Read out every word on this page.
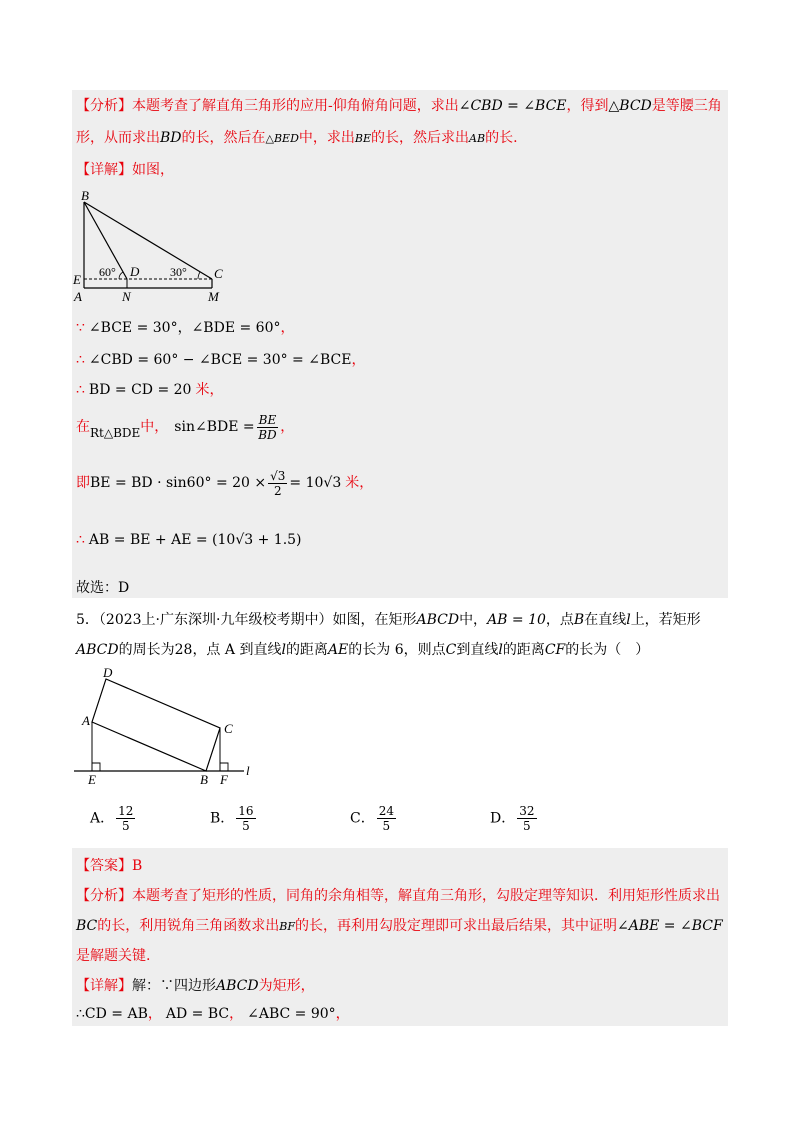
【分析】本题考查了解直角三角形的应用-仰角俯角问题，求出∠CBD = ∠BCE，得到△BCD是等腰三角
形，从而求出BD的长，然后在△BED中，求出BE的长，然后求出AB的长.
【详解】如图，
B
E
A
60° D	30° C
N	M
∵ ∠BCE = 30°，∠BDE = 60°，
∴ ∠CBD = 60° − ∠BCE = 30° = ∠BCE，
∴ BD = CD = 20 米，
在Rt△BDE中， sin∠BDE = $\frac{BE}{BD}$ ，
即BE = BD · $\sin 60^\circ = 20 \times \frac{√3}{2} = 10√3$ 米，
∴ AB = BE + AE = (10√3 + 1.5)
故选：D
5．（2023上·广东深圳·九年级校考期中）如图，在矩形ABCD中，AB = 10，点B在直线l上，若矩形
ABCD的周长为28，点 A 到直线l的距离AE的长为 6，则点C到直线l的距离CF的长为（　）
D
A
C
E	B F
l
A． $\frac{12}{5}$	B． $\frac{16}{5}$	C． $\frac{24}{5}$	D． $\frac{32}{5}$
【答案】B
【分析】本题考查了矩形的性质，同角的余角相等，解直角三角形，勾股定理等知识．利用矩形性质求出
BC的长，利用锐角三角函数求出BF的长，再利用勾股定理即可求出最后结果，其中证明∠ABE = ∠BCF
是解题关键.
【详解】解：∵四边形ABCD为矩形，
∴CD = AB， AD = BC， ∠ABC = 90°，
